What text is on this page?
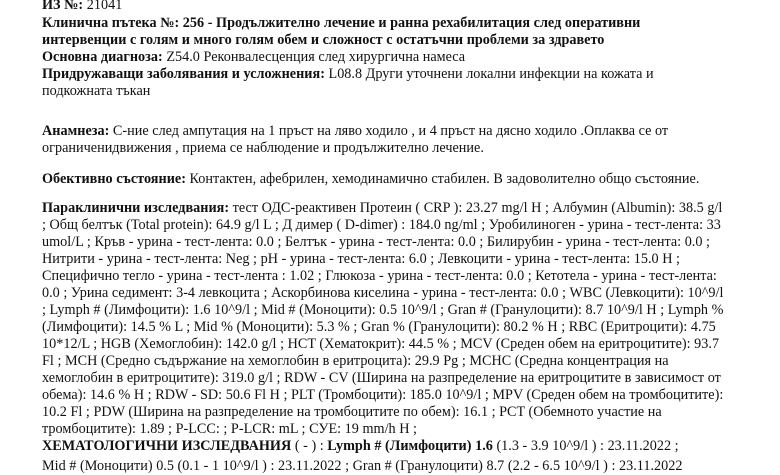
ИЗ №: 21041
Клинична пътека №: 256 - Продължително лечение и ранна рехабилитация след оперативни
интервенции с голям и много голям обем и сложност с остатъчни проблеми за здравето
Основна диагноза: Z54.0 Реконвалесценция след хирургична намеса
Придружаващи заболявания и усложнения: L08.8 Други уточнени локални инфекции на кожата и
подкожната тъкан
Анамнеза: С-ние след ампутация на 1 пръст на ляво ходило , и 4 пръст на дясно ходило .Оплаква се от
ограниченидвижения , приема се наблюдение и продължително лечение.
Обективно състояние: Контактен, афебрилен, хемодинамично стабилен. В задоволително общо състояние.
Параклинични изследвания: тест ОДС-реактивен Протеин ( CRP ): 23.27 mg/l H ; Албумин (Albumin): 38.5 g/l
; Общ белтък (Total protein): 64.9 g/l L ; Д димер ( D-dimer) : 184.0 ng/ml ; Уробилиноген - урина - тест-лента: 33
umol/L ; Кръв - урина - тест-лента: 0.0 ; Белтък - урина - тест-лента: 0.0 ; Билирубин - урина - тест-лента: 0.0 ;
Нитрити - урина - тест-лента: Neg ; pH - урина - тест-лента: 6.0 ; Левкоцити - урина - тест-лента: 15.0 H ;
Специфично тегло - урина - тест-лента : 1.02 ; Глюкоза - урина - тест-лента: 0.0 ; Кетотела - урина - тест-лента:
0.0 ; Урина седимент: 3-4 левкоцита ; Аскорбинова киселина - урина - тест-лента: 0.0 ; WBC (Левкоцити): 10^9/l
; Lymph # (Лимфоцити): 1.6 10^9/l ; Mid # (Моноцити): 0.5 10^9/l ; Gran # (Гранулоцити): 8.7 10^9/l H ; Lymph %
(Лимфоцити): 14.5 % L ; Mid % (Моноцити): 5.3 % ; Gran % (Гранулоцити): 80.2 % H ; RBC (Еритроцити): 4.75
10*12/L ; HGB (Хемоглобин): 142.0 g/l ; HCT (Хематокрит): 44.5 % ; MCV (Среден обем на еритроцитите): 93.7
Fl ; MCH (Средно съдържание на хемоглобин в еритроцита): 29.9 Pg ; MCHC (Средна концентрация на
хемоглобин в еритроцитите): 319.0 g/l ; RDW - CV (Ширина на разпределение на еритроцитите в зависимост от
обема): 14.6 % H ; RDW - SD: 50.6 Fl H ; PLT (Тромбоцити): 185.0 10^9/l ; MPV (Среден обем на тромбоцитите):
10.2 Fl ; PDW (Ширина на разпределение на тромбоцитите по обем): 16.1 ; PCT (Обемното участие на
тромбоцитите): 1.89 ; P-LCC: ; P-LCR: mL ; СУЕ: 19 mm/h H ;
ХЕМАТОЛОГИЧНИ ИЗСЛЕДВАНИЯ ( - ) : Lymph # (Лимфоцити) 1.6 (1.3 - 3.9 10^9/l ) : 23.11.2022 ;
Mid # (Моноцити) 0.5 (0.1 - 1 10^9/l ) : 23.11.2022 ; Gran # (Гранулоцити) 8.7 (2.2 - 6.5 10^9/l ) : 23.11.2022
